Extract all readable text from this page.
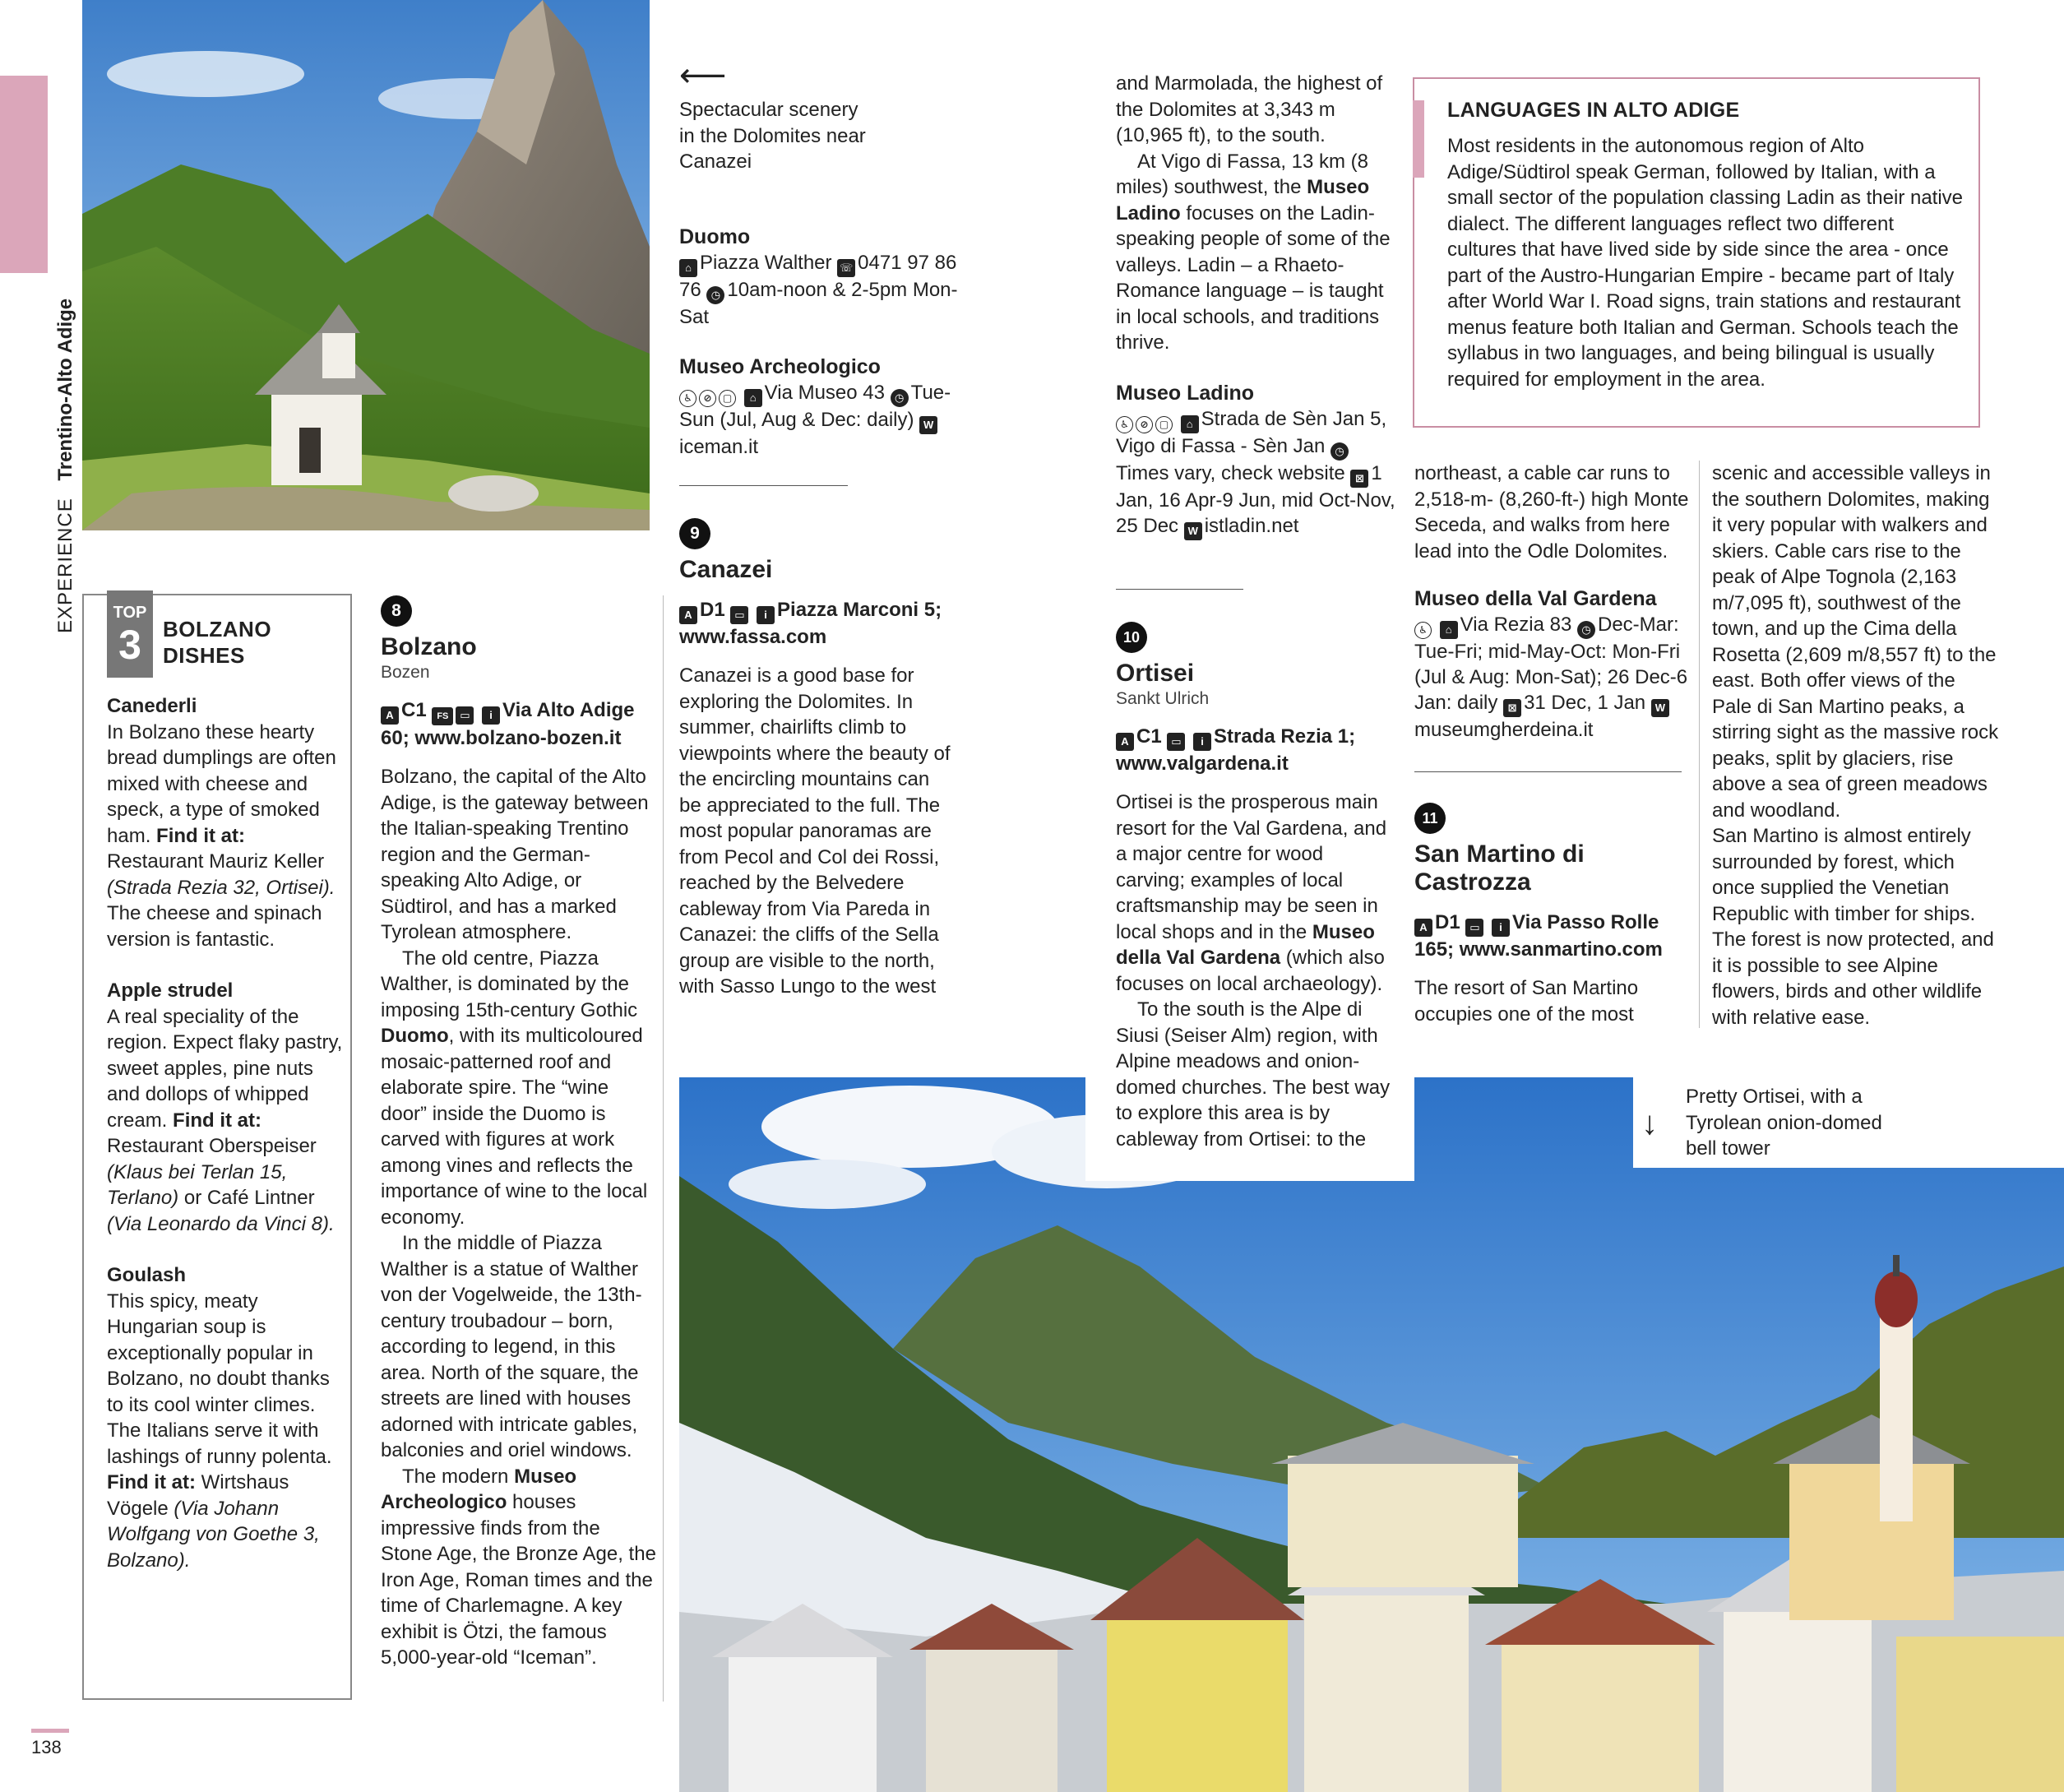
EXPERIENCE Trentino-Alto Adige
138
⟵
Spectacular scenery in the Dolomites near Canazei
TOP
3	BOLZANO
DISHES
Canederli
In Bolzano these hearty bread dumplings are often mixed with cheese and speck, a type of smoked ham. Find it at: Restaurant Mauriz Keller (Strada Rezia 32, Ortisei). The cheese and spinach version is fantastic.
Apple strudel
A real speciality of the region. Expect flaky pastry, sweet apples, pine nuts and dollops of whipped cream. Find it at: Restaurant Oberspeiser (Klaus bei Terlan 15, Terlano) or Café Lintner (Via Leonardo da Vinci 8).
Goulash
This spicy, meaty Hungarian soup is exceptionally popular in Bolzano, no doubt thanks to its cool winter climes. The Italians serve it with lashings of runny polenta. Find it at: Wirtshaus Vögele (Via Johann Wolfgang von Goethe 3, Bolzano).
8
Bolzano
Bozen
A C1 FS ▭ i Via Alto Adige 60; www.bolzano-bozen.it

Bolzano, the capital of the Alto Adige, is the gateway between the Italian-speaking Trentino region and the German-speaking Alto Adige, or Südtirol, and has a marked Tyrolean atmosphere.

The old centre, Piazza Walther, is dominated by the imposing 15th-century Gothic Duomo, with its multicoloured mosaic-patterned roof and elaborate spire. The “wine door” inside the Duomo is carved with figures at work among vines and reflects the importance of wine to the local economy.

In the middle of Piazza Walther is a statue of Walther von der Vogelweide, the 13th-century troubadour – born, according to legend, in this area. North of the square, the streets are lined with houses adorned with intricate gables, balconies and oriel windows.

The modern Museo Archeologico houses impressive finds from the Stone Age, the Bronze Age, the Iron Age, Roman times and the time of Charlemagne. A key exhibit is Ötzi, the famous 5,000-year-old “Iceman”.

Duomo
⌂ Piazza Walther ☏ 0471 97 86 76 ◷ 10am-noon & 2-5pm Mon-Sat
Museo Archeologico
♿ ⊘ ▢ ⌂ Via Museo 43 ◷ Tue-Sun (Jul, Aug & Dec: daily) Wiceman.it
9
Canazei
A D1 ▭ i Piazza Marconi 5; www.fassa.com

Canazei is a good base for exploring the Dolomites. In summer, chairlifts climb to viewpoints where the beauty of the encircling mountains can be appreciated to the full. The most popular panoramas are from Pecol and Col dei Rossi, reached by the Belvedere cableway from Via Pareda in Canazei: the cliffs of the Sella group are visible to the north, with Sasso Lungo to the west

and Marmolada, the highest of the Dolomites at 3,343 m (10,965 ft), to the south.

At Vigo di Fassa, 13 km (8 miles) southwest, the Museo Ladino focuses on the Ladin-speaking people of some of the valleys. Ladin – a Rhaeto-Romance language – is taught in local schools, and traditions thrive.

Museo Ladino
♿ ⊘ ▢ ⌂ Strada de Sèn Jan 5, Vigo di Fassa - Sèn Jan ◷Times vary, check website ⊠ 1 Jan, 16 Apr-9 Jun, mid Oct-Nov, 25 Dec W istladin.net
10
Ortisei
Sankt Ulrich
A C1 ▭ i Strada Rezia 1; www.valgardena.it

Ortisei is the prosperous main resort for the Val Gardena, and a major centre for wood carving; examples of local craftsmanship may be seen in local shops and in the Museo della Val Gardena (which also focuses on local archaeology).

To the south is the Alpe di Siusi (Seiser Alm) region, with Alpine meadows and onion-domed churches. The best way to explore this area is by cableway from Ortisei: to the

LANGUAGES IN ALTO ADIGE
Most residents in the autonomous region of Alto Adige/Südtirol speak German, followed by Italian, with a small sector of the population classing Ladin as their native dialect. The different languages reflect two different cultures that have lived side by side since the area - once part of the Austro-Hungarian Empire - became part of Italy after World War I. Road signs, train stations and restaurant menus feature both Italian and German. Schools teach the syllabus in two languages, and being bilingual is usually required for employment in the area.
northeast, a cable car runs to 2,518-m- (8,260-ft-) high Monte Seceda, and walks from here lead into the Odle Dolomites.
Museo della Val Gardena
♿ ⌂ Via Rezia 83 ◷ Dec-Mar: Tue-Fri; mid-May-Oct: Mon-Fri (Jul & Aug: Mon-Sat); 26 Dec-6 Jan: daily ⊠ 31 Dec, 1 Jan Wmuseumgherdeina.it
11
San Martino di
Castrozza
A D1 ▭ i Via Passo Rolle 165; www.sanmartino.com
The resort of San Martino occupies one of the most

scenic and accessible valleys in the southern Dolomites, making it very popular with walkers and skiers. Cable cars rise to the peak of Alpe Tognola (2,163 m/7,095 ft), southwest of the town, and up the Cima della Rosetta (2,609 m/8,557 ft) to the east. Both offer views of the Pale di San Martino peaks, a stirring sight as the massive rock peaks, split by glaciers, rise above a sea of green meadows and woodland.

San Martino is almost entirely surrounded by forest, which once supplied the Venetian Republic with timber for ships. The forest is now protected, and it is possible to see Alpine flowers, birds and other wildlife with relative ease.

↓
Pretty Ortisei, with a Tyrolean onion-domed bell tower
